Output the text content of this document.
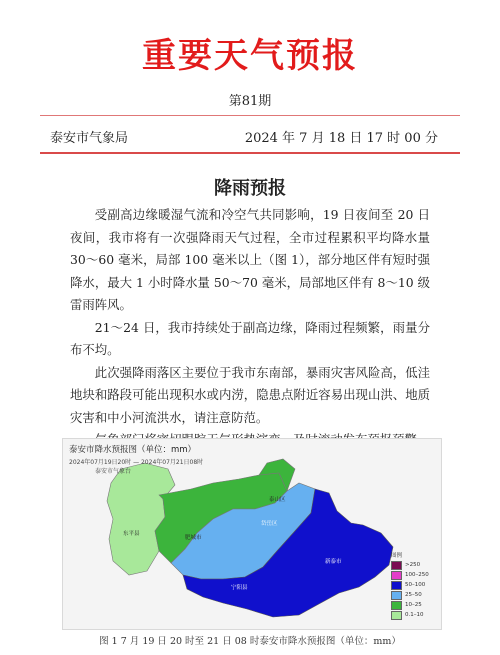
重要天气预报
第81期
泰安市气象局	2024 年 7 月 18 日 17 时 00 分
降雨预报

受副高边缘暖湿气流和冷空气共同影响，19 日夜间至 20 日夜间，我市将有一次强降雨天气过程，全市过程累积平均降水量 30～60 毫米，局部 100 毫米以上（图 1），部分地区伴有短时强降水，最大 1 小时降水量 50～70 毫米，局部地区伴有 8～10 级雷雨阵风。

21～24 日，我市持续处于副高边缘，降雨过程频繁，雨量分布不均。

此次强降雨落区主要位于我市东南部，暴雨灾害风险高，低洼地块和路段可能出现积水或内涝，隐患点附近容易出现山洪、地质灾害和中小河流洪水，请注意防范。

东平县
肥城市
泰山区
岱岳区
宁阳县
新泰市
泰安市降水预报图（单位：mm）
2024年07月19日20时 — 2024年07月21日08时
泰安市气象台
图例
>250
100–250
50–100
25–50
10–25
0.1–10
图 1 7 月 19 日 20 时至 21 日 08 时泰安市降水预报图（单位：mm）
